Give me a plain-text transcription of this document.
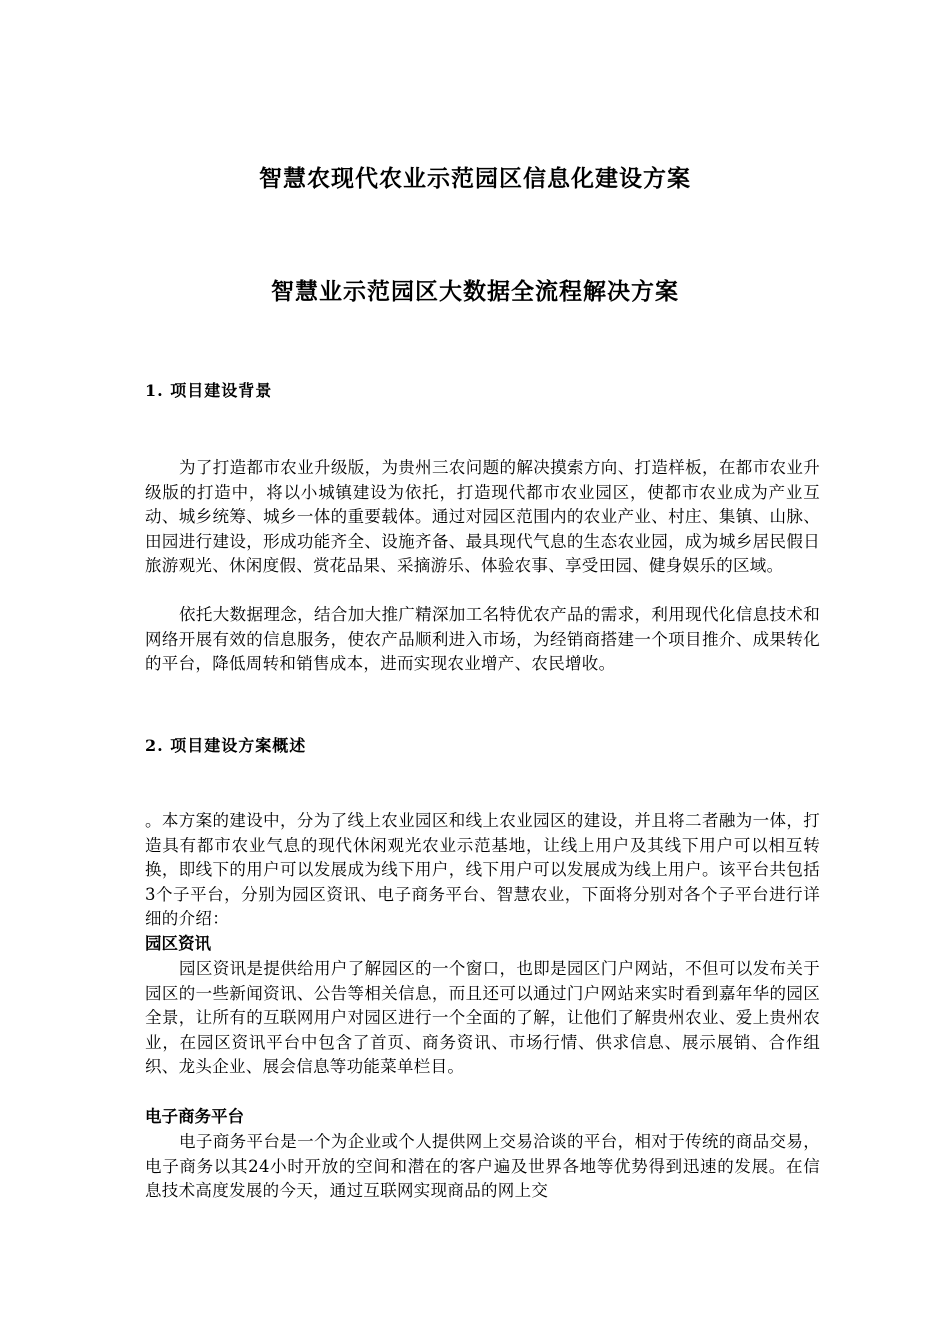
智慧农现代农业示范园区信息化建设方案
智慧业示范园区大数据全流程解决方案
1. 项目建设背景

为了打造都市农业升级版，为贵州三农问题的解决摸索方向、打造样板，在都市农业升级版的打造中，将以小城镇建设为依托，打造现代都市农业园区，使都市农业成为产业互动、城乡统筹、城乡一体的重要载体。通过对园区范围内的农业产业、村庄、集镇、山脉、田园进行建设，形成功能齐全、设施齐备、最具现代气息的生态农业园，成为城乡居民假日旅游观光、休闲度假、赏花品果、采摘游乐、体验农事、享受田园、健身娱乐的区域。

依托大数据理念，结合加大推广精深加工名特优农产品的需求，利用现代化信息技术和网络开展有效的信息服务，使农产品顺利进入市场，为经销商搭建一个项目推介、成果转化的平台，降低周转和销售成本，进而实现农业增产、农民增收。

2. 项目建设方案概述

。本方案的建设中，分为了线上农业园区和线上农业园区的建设，并且将二者融为一体，打造具有都市农业气息的现代休闲观光农业示范基地，让线上用户及其线下用户可以相互转换，即线下的用户可以发展成为线下用户，线下用户可以发展成为线上用户。该平台共包括3个子平台，分别为园区资讯、电子商务平台、智慧农业，下面将分别对各个子平台进行详细的介绍：

园区资讯

园区资讯是提供给用户了解园区的一个窗口，也即是园区门户网站，不但可以发布关于园区的一些新闻资讯、公告等相关信息，而且还可以通过门户网站来实时看到嘉年华的园区全景，让所有的互联网用户对园区进行一个全面的了解，让他们了解贵州农业、爱上贵州农业，在园区资讯平台中包含了首页、商务资讯、市场行情、供求信息、展示展销、合作组织、龙头企业、展会信息等功能菜单栏目。

电子商务平台

电子商务平台是一个为企业或个人提供网上交易洽谈的平台，相对于传统的商品交易，电子商务以其24小时开放的空间和潜在的客户遍及世界各地等优势得到迅速的发展。在信息技术高度发展的今天，通过互联网实现商品的网上交
